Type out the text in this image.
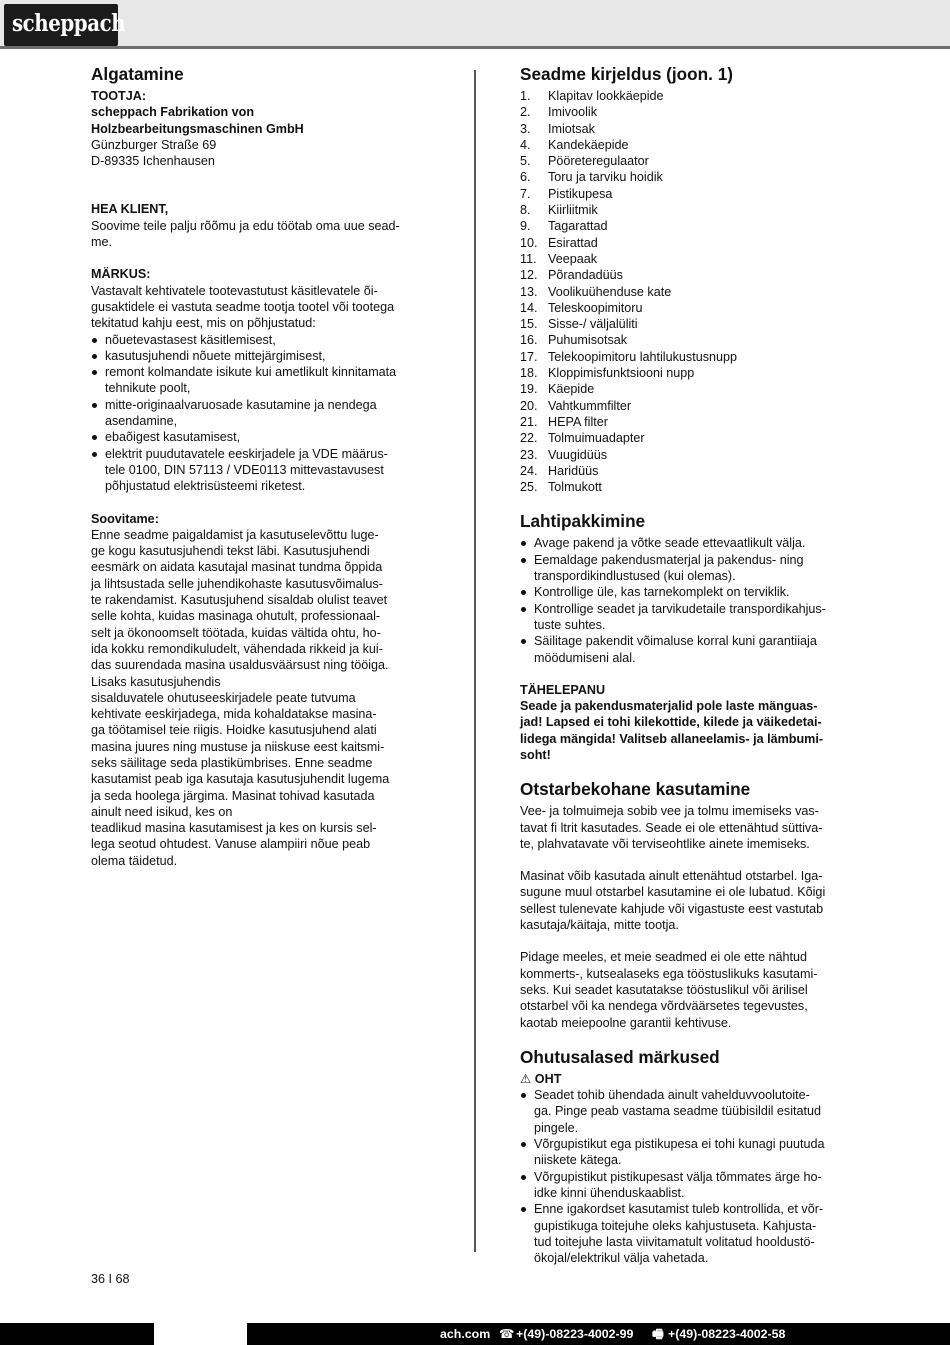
scheppach
Algatamine

TOOTJA:

scheppach Fabrikation von

Holzbearbeitungsmaschinen GmbH

Günzburger Straße 69

D-89335 Ichenhausen

HEA KLIENT,

Soovime teile palju rõõmu ja edu töötab oma uue sead-

me.

MÄRKUS:

Vastavalt kehtivatele tootevastutust käsitlevatele õi-

gusaktidele ei vastuta seadme tootja tootel või tootega

tekitatud kahju eest, mis on põhjustatud:

nõuetevastasest käsitlemisest,
kasutusjuhendi nõuete mittejärgimisest,
remont kolmandate isikute kui ametlikult kinnitamata
tehnikute poolt,
mitte-originaalvaruosade kasutamine ja nendega
asendamine,
ebaõigest kasutamisest,
elektrit puudutavatele eeskirjadele ja VDE määrus-
tele 0100, DIN 57113 / VDE0113 mittevastavusest
põhjustatud elektrisüsteemi riketest.

Soovitame:

Enne seadme paigaldamist ja kasutuselevõttu luge-

ge kogu kasutusjuhendi tekst läbi. Kasutusjuhendi

eesmärk on aidata kasutajal masinat tundma õppida

ja lihtsustada selle juhendikohaste kasutusvõimalus-

te rakendamist. Kasutusjuhend sisaldab olulist teavet

selle kohta, kuidas masinaga ohutult, professionaal-

selt ja ökonoomselt töötada, kuidas vältida ohtu, ho-

ida kokku remondikuludelt, vähendada rikkeid ja kui-

das suurendada masina usaldusväärsust ning tööiga.

Lisaks kasutusjuhendis

sisalduvatele ohutuseeskirjadele peate tutvuma

kehtivate eeskirjadega, mida kohaldatakse masina-

ga töötamisel teie riigis. Hoidke kasutusjuhend alati

masina juures ning mustuse ja niiskuse eest kaitsmi-

seks säilitage seda plastikümbrises. Enne seadme

kasutamist peab iga kasutaja kasutusjuhendit lugema

ja seda hoolega järgima. Masinat tohivad kasutada

ainult need isikud, kes on

teadlikud masina kasutamisest ja kes on kursis sel-

lega seotud ohtudest. Vanuse alampiiri nõue peab

olema täidetud.

Seadme kirjeldus (joon. 1)
1.	Klapitav lookkäepide
2.	Imivoolik
3.	Imiotsak
4.	Kandekäepide
5.	Pööreteregulaator
6.	Toru ja tarviku hoidik
7.	Pistikupesa
8.	Kiirliitmik
9.	Tagarattad
10. Esirattad
11. Veepaak
12. Põrandadüüs
13. Voolikuühenduse kate
14. Teleskoopimitoru
15. Sisse-/ väljalüliti
16. Puhumisotsak
17. Telekoopimitoru lahtilukustusnupp
18. Kloppimisfunktsiooni nupp
19. Käepide
20. Vahtkummfilter
21. HEPA filter
22. Tolmuimuadapter
23. Vuugidüüs
24. Haridüüs
25. Tolmukott
Lahtipakkimine
Avage pakend ja võtke seade ettevaatlikult välja.
Eemaldage pakendusmaterjal ja pakendus- ning
transpordikindlustused (kui olemas).
Kontrollige üle, kas tarnekomplekt on terviklik.
Kontrollige seadet ja tarvikudetaile transpordikahjus-
tuste suhtes.
Säilitage pakendit võimaluse korral kuni garantiiaja
möödumiseni alal.

TÄHELEPANU

Seade ja pakendusmaterjalid pole laste mänguas-

jad! Lapsed ei tohi kilekottide, kilede ja väikedetai-

lidega mängida! Valitseb allaneelamis- ja lämbumi-

soht!

Otstarbekohane kasutamine

Vee- ja tolmuimeja sobib vee ja tolmu imemiseks vas-

tavat fi ltrit kasutades. Seade ei ole ettenähtud süttiva-

te, plahvatavate või terviseohtlike ainete imemiseks.

Masinat võib kasutada ainult ettenähtud otstarbel. Iga-

sugune muul otstarbel kasutamine ei ole lubatud. Kõigi

sellest tulenevate kahjude või vigastuste eest vastutab

kasutaja/käitaja, mitte tootja.

Pidage meeles, et meie seadmed ei ole ette nähtud

kommerts-, kutsealaseks ega tööstuslikuks kasutami-

seks. Kui seadet kasutatakse tööstuslikul või ärilisel

otstarbel või ka nendega võrdväärsetes tegevustes,

kaotab meiepoolne garantii kehtivuse.

Ohutusalased märkused

⚠ OHT

Seadet tohib ühendada ainult vahelduvvoolutoite-
ga. Pinge peab vastama seadme tüübisildil esitatud
pingele.
Võrgupistikut ega pistikupesa ei tohi kunagi puutuda
niiskete kätega.
Võrgupistikut pistikupesast välja tõmmates ärge ho-
idke kinni ühenduskaablist.
Enne igakordset kasutamist tuleb kontrollida, et võr-
gupistikuga toitejuhe oleks kahjustuseta. Kahjusta-
tud toitejuhe lasta viivitamatult volitatud hooldustö-
ökojal/elektrikul välja vahetada.
36 I 68
ach.com ☎ +(49)-08223-4002-99 🖷 +(49)-08223-4002-58
